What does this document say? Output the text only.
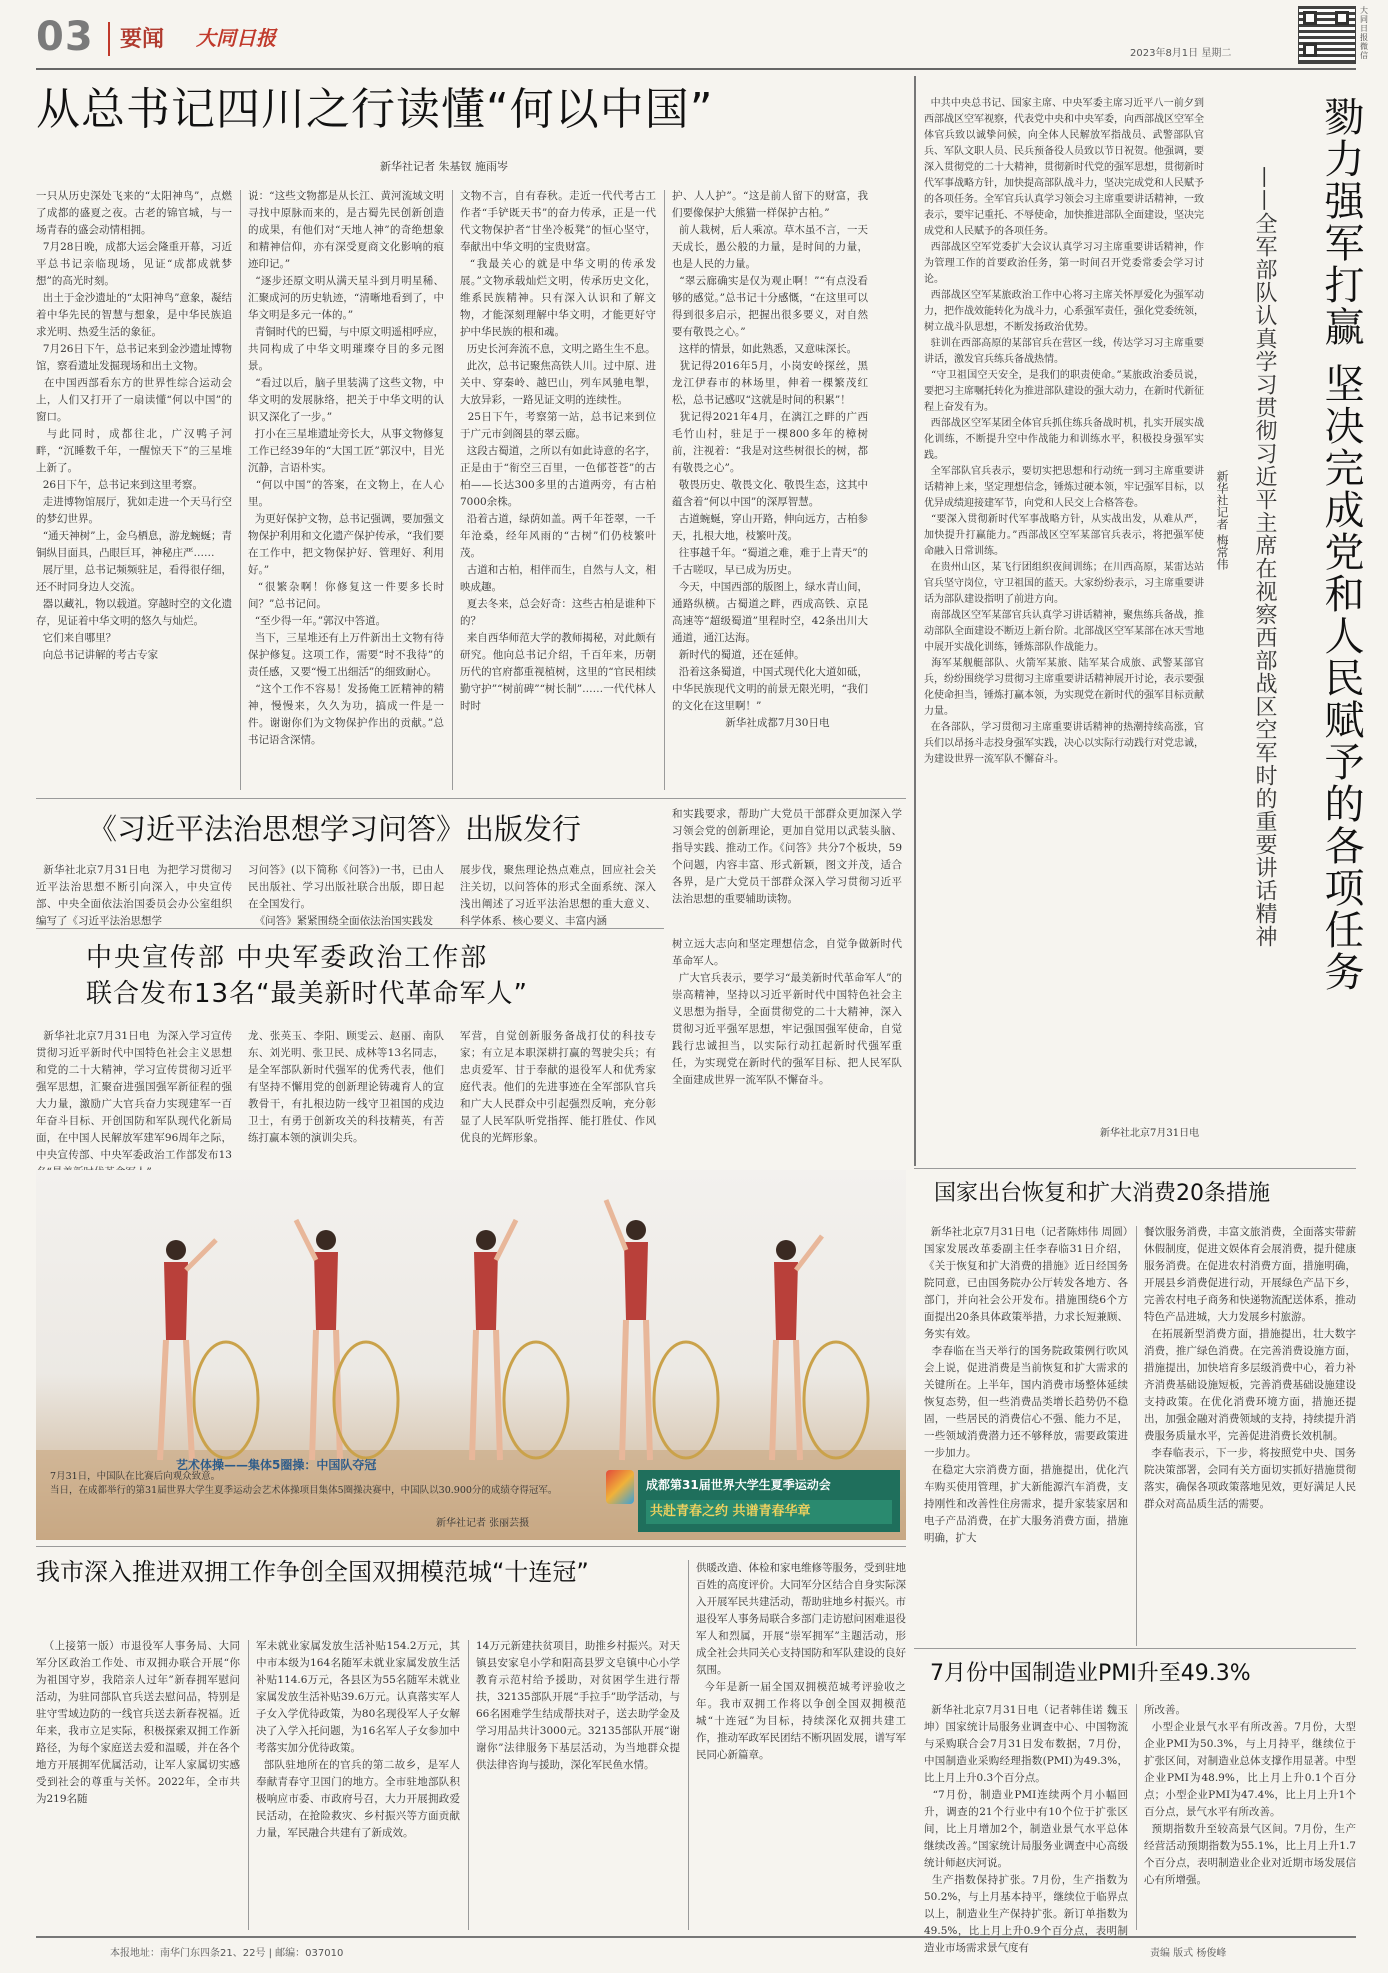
03 要闻 大同日报
2023年8月1日 星期二
大同日报微信
从总书记四川之行读懂“何以中国”
新华社记者 朱基钗 施雨岑
一只从历史深处飞来的“太阳神鸟”，点燃了成都的盛夏之夜。古老的锦官城，与一场青春的盛会动情相拥。
7月28日晚，成都大运会隆重开幕，习近平总书记亲临现场，见证“成都成就梦想”的高光时刻。
出土于金沙遗址的“太阳神鸟”意象，凝结着中华先民的智慧与想象，是中华民族追求光明、热爱生活的象征。
7月26日下午，总书记来到金沙遗址博物馆，察看遗址发掘现场和出土文物。
在中国西部看东方的世界性综合运动会上，人们又打开了一扇读懂“何以中国”的窗口。
与此同时，成都往北，广汉鸭子河畔，“沉睡数千年，一醒惊天下”的三星堆上新了。
26日下午，总书记来到这里考察。
走进博物馆展厅，犹如走进一个天马行空的梦幻世界。
“通天神树”上，金乌栖息，游龙蜿蜒；青铜纵目面具，凸眼巨耳，神秘庄严……
展厅里，总书记频频驻足，看得很仔细，还不时同身边人交流。
器以藏礼，物以载道。穿越时空的文化遗存，见证着中华文明的悠久与灿烂。
它们来自哪里？
向总书记讲解的考古专家
说：“这些文物都是从长江、黄河流域文明寻找中原脉而来的，是古蜀先民创新创造的成果，有他们对“天地人神”的奇绝想象和精神信仰，亦有深受夏商文化影响的痕迹印记。”
“逐步还原文明从满天星斗到月明星稀、汇聚成河的历史轨迹，“清晰地看到了，中华文明是多元一体的。”
青铜时代的巴蜀，与中原文明遥相呼应，共同构成了中华文明璀璨夺目的多元图景。
“看过以后，脑子里装满了这些文物，中华文明的发展脉络，把关于中华文明的认识又深化了一步。”
打小在三星堆遗址旁长大，从事文物修复工作已经39年的“大国工匠”郭汉中，目光沉静，言语朴实。
“何以中国”的答案，在文物上，在人心里。
为更好保护文物，总书记强调，要加强文物保护利用和文化遗产保护传承，“我们要在工作中，把文物保护好、管理好、利用好。”
“很繁杂啊！你修复这一件要多长时间？”总书记问。
“至少得一年。”郭汉中答道。
当下，三星堆还有上万件新出土文物有待保护修复。这项工作，需要“时不我待”的责任感，又要“慢工出细活”的细致耐心。
“这个工作不容易！发扬俺工匠精神的精神，慢慢来，久久为功，搞成一件是一件。谢谢你们为文物保护作出的贡献。”总书记语含深情。
文物不言，自有春秋。走近一代代考古工作者“手铲既天书”的奋力传承，正是一代代文物保护者“甘坐冷板凳”的恒心坚守，奉献出中华文明的宝贵财富。
“我最关心的就是中华文明的传承发展。”文物承载灿烂文明，传承历史文化，维系民族精神。只有深入认识和了解文物，才能深刻理解中华文明，才能更好守护中华民族的根和魂。
历史长河奔流不息，文明之路生生不息。
此次，总书记聚焦高铁人川。过中原、进关中、穿秦岭、越巴山，列车风驰电掣，大放异彩，一路见证文明的连续性。
25日下午，考察第一站，总书记来到位于广元市剑阁县的翠云廊。
这段古蜀道，之所以有如此诗意的名字，正是由于“衔空三百里，一色郁苍苍”的古柏——长达300多里的古道两旁，有古柏7000余株。
沿着古道，绿荫如盖。两千年苍翠，一千年沧桑，经年风雨的“古树”们仍枝繁叶茂。
古道和古柏，相伴而生，自然与人文，相映成趣。
夏去冬来，总会好奇：这些古柏是谁种下的？
来自西华师范大学的教师揭秘，对此颇有研究。他向总书记介绍，千百年来，历朝历代的官府都重视植树，这里的“官民相续勤守护”“树前碑”“树长制”……一代代林人时时
护、人人护”。“这是前人留下的财富，我们要像保护大熊猫一样保护古柏。”
前人栽树，后人乘凉。草木虽不言，一天天成长，愚公般的力量，是时间的力量，也是人民的力量。
“翠云廊确实是仅为观止啊！”“有点没看够的感觉。”总书记十分感慨，“在这里可以得到很多启示，把握出很多要义，对自然要有敬畏之心。”
这样的情景，如此熟悉，又意味深长。
犹记得2016年5月，小岗安岭探丝，黑龙江伊春市的林场里，伸着一棵繁茂红松，总书记感叹“这就是时间的积累”！
犹记得2021年4月，在漓江之畔的广西毛竹山村，驻足于一棵800多年的樟树前，注视着：“我是对这些树很长的树，都有敬畏之心”。
敬畏历史、敬畏文化、敬畏生态，这其中蕴含着“何以中国”的深厚智慧。
古道蜿蜒，穿山开路，伸向远方，古柏参天，扎根大地，枝繁叶茂。
往事越千年。“蜀道之难，难于上青天”的千古嗟叹，早已成为历史。
今天，中国西部的版图上，绿水青山间，通路纵横。古蜀道之畔，西成高铁、京昆高速等“超级蜀道”里程时空，42条出川大通道，通江达海。
新时代的蜀道，还在延伸。
沿着这条蜀道，中国式现代化大道如砥，中华民族现代文明的前景无限光明，“我们的文化在这里啊！”
新华社成都7月30日电
中共中央总书记、国家主席、中央军委主席习近平八一前夕到西部战区空军视察，代表党中央和中央军委，向西部战区空军全体官兵致以诚挚问候，向全体人民解放军指战员、武警部队官兵、军队文职人员、民兵预备役人员致以节日祝贺。他强调，要深入贯彻党的二十大精神，贯彻新时代党的强军思想，贯彻新时代军事战略方针，加快提高部队战斗力，坚决完成党和人民赋予的各项任务。全军官兵认真学习领会习主席重要讲话精神，一致表示，要牢记重托、不辱使命，加快推进部队全面建设，坚决完成党和人民赋予的各项任务。
西部战区空军党委扩大会议认真学习习主席重要讲话精神，作为管理工作的首要政治任务，第一时间召开党委常委会学习讨论。
西部战区空军某旅政治工作中心将习主席关怀厚爱化为强军动力，把作战效能转化为战斗力，心系强军责任，强化党委统领，树立战斗队思想，不断发扬政治优势。
驻训在西部高原的某部官兵在营区一线，传达学习习主席重要讲话，激发官兵练兵备战热情。
“守卫祖国空天安全，是我们的职责使命。”某旅政治委员说，要把习主席嘱托转化为推进部队建设的强大动力，在新时代新征程上奋发有为。
西部战区空军某团全体官兵抓住练兵备战时机，扎实开展实战化训练，不断提升空中作战能力和训练水平，积极投身强军实践。
全军部队官兵表示，要切实把思想和行动统一到习主席重要讲话精神上来，坚定理想信念，锤炼过硬本领，牢记强军目标，以优异成绩迎接建军节，向党和人民交上合格答卷。
“要深入贯彻新时代军事战略方针，从实战出发，从难从严，加快提升打赢能力。”西部战区空军某部官兵表示，将把强军使命融入日常训练。
在贵州山区，某飞行团组织夜间训练；在川西高原，某雷达站官兵坚守岗位，守卫祖国的蓝天。大家纷纷表示，习主席重要讲话为部队建设指明了前进方向。
南部战区空军某部官兵认真学习讲话精神，聚焦练兵备战，推动部队全面建设不断迈上新台阶。北部战区空军某部在冰天雪地中展开实战化训练，锤炼部队作战能力。
海军某舰艇部队、火箭军某旅、陆军某合成旅、武警某部官兵，纷纷围绕学习贯彻习主席重要讲话精神展开讨论，表示要强化使命担当，锤炼打赢本领，为实现党在新时代的强军目标贡献力量。
在各部队，学习贯彻习主席重要讲话精神的热潮持续高涨，官兵们以昂扬斗志投身强军实践，决心以实际行动践行对党忠诚，为建设世界一流军队不懈奋斗。
新华社北京7月31日电
勠力强军打赢 坚决完成党和人民赋予的各项任务
——全军部队认真学习贯彻习近平主席在视察西部战区空军时的重要讲话精神
新华社记者 梅常伟
《习近平法治思想学习问答》出版发行
新华社北京7月31日电  为把学习贯彻习近平法治思想不断引向深入，中央宣传部、中央全面依法治国委员会办公室组织编写了《习近平法治思想学
习问答》(以下简称《问答》)一书，已由人民出版社、学习出版社联合出版，即日起在全国发行。
《问答》紧紧围绕全面依法治国实践发
展步伐，聚焦理论热点难点，回应社会关注关切，以问答体的形式全面系统、深入浅出阐述了习近平法治思想的重大意义、科学体系、核心要义、丰富内涵
和实践要求，帮助广大党员干部群众更加深入学习领会党的创新理论，更加自觉用以武装头脑、指导实践、推动工作。《问答》共分7个板块，59个问题，内容丰富、形式新颖，图文并茂，适合各界，是广大党员干部群众深入学习贯彻习近平法治思想的重要辅助读物。
中央宣传部 中央军委政治工作部
联合发布13名“最美新时代革命军人”
新华社北京7月31日电  为深入学习宣传贯彻习近平新时代中国特色社会主义思想和党的二十大精神，学习宣传贯彻习近平强军思想，汇聚奋进强国强军新征程的强大力量，激励广大官兵奋力实现建军一百年奋斗目标、开创国防和军队现代化新局面，在中国人民解放军建军96周年之际，中央宣传部、中央军委政治工作部发布13

龙、张英玉、李阳、顾雯云、赵丽、南队东、刘光明、张卫民、成林等13名同志，是全军部队新时代强军的优秀代表，他们有坚持不懈用党的创新理论铸魂育人的宣教骨干，有扎根边防一线守卫祖国的戍边卫士，有勇于创新攻关的科技精英，有苦练打赢本领的演训尖兵。
军营，自觉创新服务备战打仗的科技专家；有立足本职深耕打赢的驾驶尖兵；有忠贞爱军、甘于奉献的退役军人和优秀家庭代表。他们的先进事迹在全军部队官兵和广大人民群众中引起强烈反响，充分彰显了人民军队听党指挥、能打胜仗、作风优良的光辉形象。
树立远大志向和坚定理想信念，自觉争做新时代革命军人。
广大官兵表示，要学习“最美新时代革命军人”的崇高精神，坚持以习近平新时代中国特色社会主义思想为指导，全面贯彻党的二十大精神，深入贯彻习近平强军思想，牢记强国强军使命，自觉践行忠诚担当，以实际行动扛起新时代强军重任，为实现党在新时代的强军目标、把人民军队全面建成世界一流军队不懈奋斗。
艺术体操——集体5圈操：中国队夺冠
成都第31届世界大学生夏季运动会
共赴青春之约 共谱青春华章
7月31日，中国队在比赛后向观众致意。
当日，在成都举行的第31届世界大学生夏季运动会艺术体操项目集体5圈操决赛中，中国队以30.900分的成绩夺得冠军。
新华社记者 张丽芸摄
国家出台恢复和扩大消费20条措施
新华社北京7月31日电（记者陈炜伟 周圆）国家发展改革委副主任李春临31日介绍，《关于恢复和扩大消费的措施》近日经国务院同意，已由国务院办公厅转发各地方、各部门，并向社会公开发布。措施围绕6个方面提出20条具体政策举措，力求长短兼顾、务实有效。
李春临在当天举行的国务院政策例行吹风会上说，促进消费是当前恢复和扩大需求的关键所在。上半年，国内消费市场整体延续恢复态势，但一些消费品类增长趋势仍不稳固，一些居民的消费信心不强、能力不足，一些领域消费潜力还不够释放，需要政策进一步加力。
在稳定大宗消费方面，措施提出，优化汽车购买使用管理，扩大新能源汽车消费，支持刚性和改善性住房需求，提升家装家居和电子产品消费，在扩大服务消费方面，措施明确，扩大
餐饮服务消费，丰富文旅消费，全面落实带薪休假制度，促进文娱体育会展消费，提升健康服务消费。在促进农村消费方面，措施明确，开展县乡消费促进行动，开展绿色产品下乡，完善农村电子商务和快递物流配送体系，推动特色产品进城，大力发展乡村旅游。
在拓展新型消费方面，措施提出，壮大数字消费，推广绿色消费。在完善消费设施方面，措施提出，加快培育多层级消费中心，着力补齐消费基础设施短板，完善消费基础设施建设支持政策。在优化消费环境方面，措施还提出，加强金融对消费领域的支持，持续提升消费服务质量水平，完善促进消费长效机制。
李春临表示，下一步，将按照党中央、国务院决策部署，会同有关方面切实抓好措施贯彻落实，确保各项政策落地见效，更好满足人民群众对高品质生活的需要。
7月份中国制造业PMI升至49.3%
新华社北京7月31日电（记者韩佳诺 魏玉坤）国家统计局服务业调查中心、中国物流与采购联合会7月31日发布数据，7月份，中国制造业采购经理指数(PMI)为49.3%，比上月上升0.3个百分点。
“7月份，制造业PMI连续两个月小幅回升，调查的21个行业中有10个位于扩张区间，比上月增加2个，制造业景气水平总体继续改善。”国家统计局服务业调查中心高级统计师赵庆河说。
生产指数保持扩张。7月份，生产指数为50.2%，与上月基本持平，继续位于临界点以上，制造业生产保持扩张。新订单指数为49.5%，比上月上升0.9个百分点，表明制造业市场需求景气度有
所改善。
小型企业景气水平有所改善。7月份，大型企业PMI为50.3%，与上月持平，继续位于扩张区间，对制造业总体支撑作用显著。中型企业PMI为48.9%，比上月上升0.1个百分点；小型企业PMI为47.4%，比上月上升1个百分点，景气水平有所改善。
预期指数升至较高景气区间。7月份，生产经营活动预期指数为55.1%，比上月上升1.7个百分点，表明制造业企业对近期市场发展信心有所增强。
我市深入推进双拥工作争创全国双拥模范城“十连冠”
（上接第一版）市退役军人事务局、大同军分区政治工作处、市双拥办联合开展“你为祖国守岁，我陪亲人过年”新春拥军慰问活动，为驻同部队官兵送去慰问品，特别是驻守雪域边防的一线官兵送去新春祝福。近年来，我市立足实际，积极探索双拥工作新路径，为每个家庭送去爱和温暖，并在各个地方开展拥军优属活动，让军人家属切实感受到社会的尊重与关怀。2022年，全市共为219名随
军未就业家属发放生活补贴154.2万元，其中市本级为164名随军未就业家属发放生活补贴114.6万元，各县区为55名随军未就业家属发放生活补贴39.6万元。认真落实军人子女入学优待政策，为80名现役军人子女解决了入学入托问题，为16名军人子女参加中考落实加分优待政策。
部队驻地所在的官兵的第二故乡，是军人奉献青春守卫国门的地方。全市驻地部队积极响应市委、市政府号召，大力开展拥政爱民活动，在抢险救灾、乡村振兴等方面贡献力量，军民融合共建有了新成效。
14万元新建扶贫项目，助推乡村振兴。对天镇县安家皂小学和阳高县罗文皂镇中心小学教育示范村给予援助，对贫困学生进行帮扶，32135部队开展“手拉手”助学活动，与66名困难学生结成帮扶对子，送去助学金及学习用品共计3000元。32135部队开展“谢谢你”法律服务下基层活动，为当地群众提供法律咨询与援助，深化军民鱼水情。
供暖改造、体检和家电维修等服务，受到驻地百姓的高度评价。大同军分区结合自身实际深入开展军民共建活动，帮助驻地乡村振兴。市退役军人事务局联合多部门走访慰问困难退役军人和烈属，开展“崇军拥军”主题活动，形成全社会共同关心支持国防和军队建设的良好氛围。
今年是新一届全国双拥模范城考评验收之年。我市双拥工作将以争创全国双拥模范城“十连冠”为目标，持续深化双拥共建工作，推动军政军民团结不断巩固发展，谱写军民同心新篇章。
本报地址：南华门东四条21、22号 | 邮编：037010	责编 版式 杨俊峰
